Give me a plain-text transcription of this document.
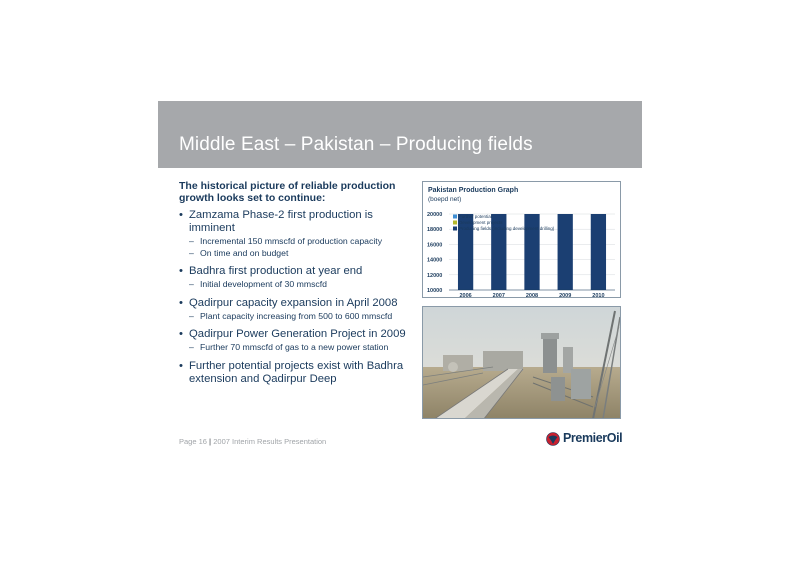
Middle East – Pakistan – Producing fields
The historical picture of reliable production growth looks set to continue:
• Zamzama Phase-2 first production is imminent
– Incremental 150 mmscfd of production capacity
– On time and on budget
• Badhra first production at year end
– Initial development of 30 mmscfd
• Qadirpur capacity expansion in April 2008
– Plant capacity increasing from 500 to 600 mmscfd
• Qadirpur Power Generation Project in 2009
– Further 70 mmscfd of gas to a new power station
• Further potential projects exist with Badhra extension and Qadirpur Deep
Pakistan Production Graph
(boepd net)
10000
12000
14000
16000
18000
20000
2006	2007	2008	2009	2010
Further potential
Development projects
Producing fields (including development drilling)
Page 16 | 2007 Interim Results Presentation	PremierOil
